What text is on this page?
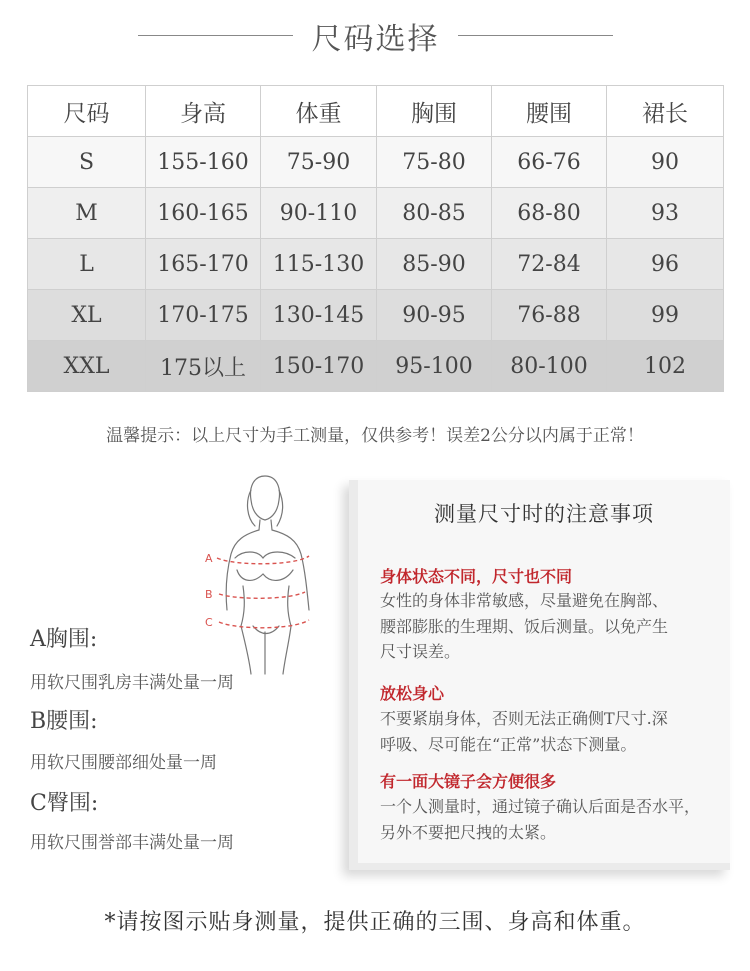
尺码选择
尺码	身高	体重	胸围	腰围	裙长
S	155-160	75-90	75-80	66-76	90
M	160-165	90-110	80-85	68-80	93
L	165-170	115-130	85-90	72-84	96
XL	170-175	130-145	90-95	76-88	99
XXL	175以上	150-170	95-100	80-100	102
温馨提示：以上尺寸为手工测量，仅供参考！误差2公分以内属于正常！
A
B
C
A胸围:
用软尺围乳房丰满处量一周
B腰围:
用软尺围腰部细处量一周
C臀围:
用软尺围誉部丰满处量一周
测量尺寸时的注意事项
身体状态不同，尺寸也不同
女性的身体非常敏感，尽量避免在胸部、
腰部膨胀的生理期、饭后测量。以免产生
尺寸误差。
放松身心
不要紧崩身体，否则无法正确侧T尺寸.深
呼吸、尽可能在“正常”状态下测量。
有一面大镜子会方便很多
一个人测量时，通过镜子确认后面是否水平，
另外不要把尺拽的太紧。
*请按图示贴身测量，提供正确的三围、身高和体重。
